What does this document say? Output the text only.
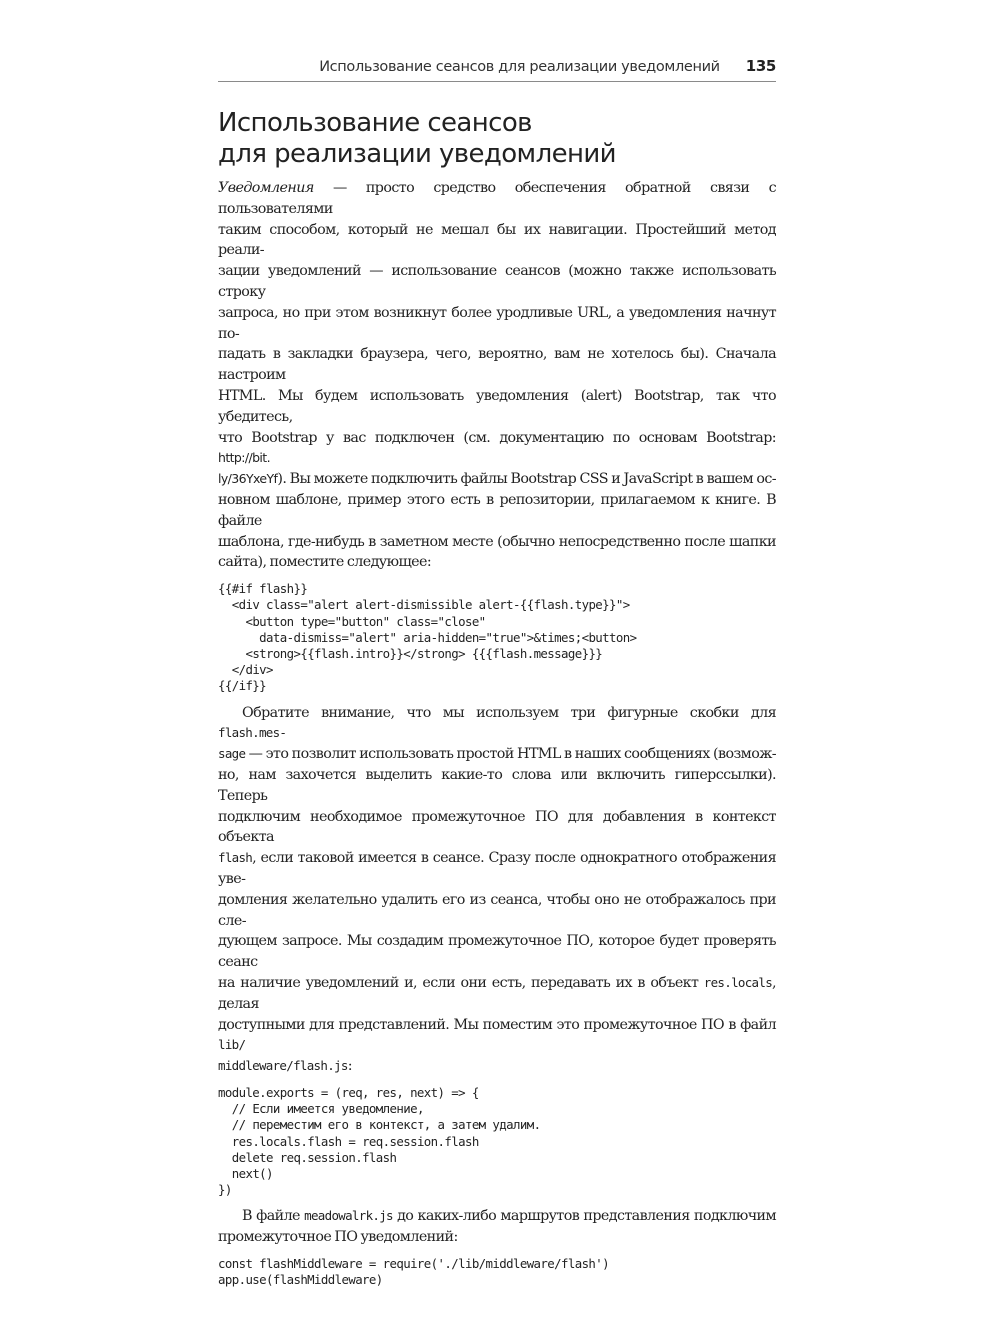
Использование сеансов для реализации уведомлений 135
Использование сеансов
для реализации уведомлений
Уведомления — просто средство обеспечения обратной связи с пользователями
таким способом, который не мешал бы их навигации. Простейший метод реали-
зации уведомлений — использование сеансов (можно также использовать строку
запроса, но при этом возникнут более уродливые URL, а уведомления начнут по-
падать в закладки браузера, чего, вероятно, вам не хотелось бы). Сначала настроим
HTML. Мы будем использовать уведомления (alert) Bootstrap, так что убедитесь,
что Bootstrap у вас подключен (см. документацию по основам Bootstrap: http://bit.
ly/36YxeYf). Вы можете подключить файлы Bootstrap CSS и JavaScript в вашем ос-
новном шаблоне, пример этого есть в репозитории, прилагаемом к книге. В файле
шаблона, где-нибудь в заметном месте (обычно непосредственно после шапки
сайта), поместите следующее:
{{#if flash}}
<div class="alert alert-dismissible alert-{{flash.type}}">
<button type="button" class="close"
data-dismiss="alert" aria-hidden="true">&times;<button>
<strong>{{flash.intro}}</strong> {{{flash.message}}}
</div>
{{/if}}
Обратите внимание, что мы используем три фигурные скобки для flash.mes-
sage — это позволит использовать простой HTML в наших сообщениях (возмож-
но, нам захочется выделить какие-то слова или включить гиперссылки). Теперь
подключим необходимое промежуточное ПО для добавления в контекст объекта
flash, если таковой имеется в сеансе. Сразу после однократного отображения уве-
домления желательно удалить его из сеанса, чтобы оно не отображалось при сле-
дующем запросе. Мы создадим промежуточное ПО, которое будет проверять сеанс
на наличие уведомлений и, если они есть, передавать их в объект res.locals, делая
доступными для представлений. Мы поместим это промежуточное ПО в файл lib/
middleware/flash.js:
module.exports = (req, res, next) => {
// Если имеется уведомление,
// переместим его в контекст, а затем удалим.
res.locals.flash = req.session.flash
delete req.session.flash
next()
})
В файле meadowalrk.js до каких-либо маршрутов представления подключим
промежуточное ПО уведомлений:
const flashMiddleware = require('./lib/middleware/flash')
app.use(flashMiddleware)
